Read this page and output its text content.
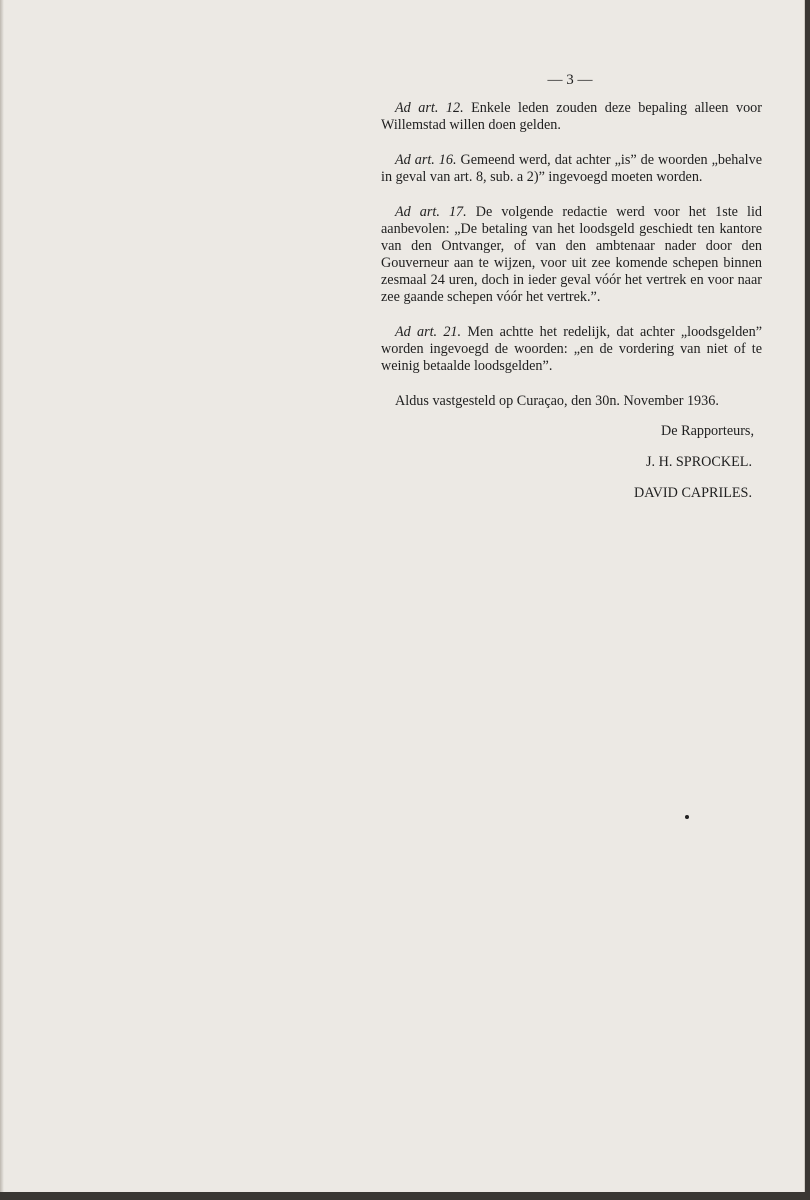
— 3 —

Ad art. 12. Enkele leden zouden deze bepaling alleen voor Willemstad willen doen gelden.

Ad art. 16. Gemeend werd, dat achter „is” de woorden „behalve in geval van art. 8, sub. a 2)” ingevoegd moeten worden.

Ad art. 17. De volgende redactie werd voor het 1ste lid aanbevolen: „De betaling van het loodsgeld geschiedt ten kantore van den Ontvanger, of van den ambtenaar nader door den Gouverneur aan te wijzen, voor uit zee komende schepen binnen zesmaal 24 uren, doch in ieder geval vóór het vertrek en voor naar zee gaande schepen vóór het vertrek.”.

Ad art. 21. Men achtte het redelijk, dat achter „loodsgelden” worden ingevoegd de woorden: „en de vordering van niet of te weinig betaalde loodsgelden”.

Aldus vastgesteld op Curaçao, den 30n. November 1936.

De Rapporteurs,

J. H. SPROCKEL.

DAVID CAPRILES.
